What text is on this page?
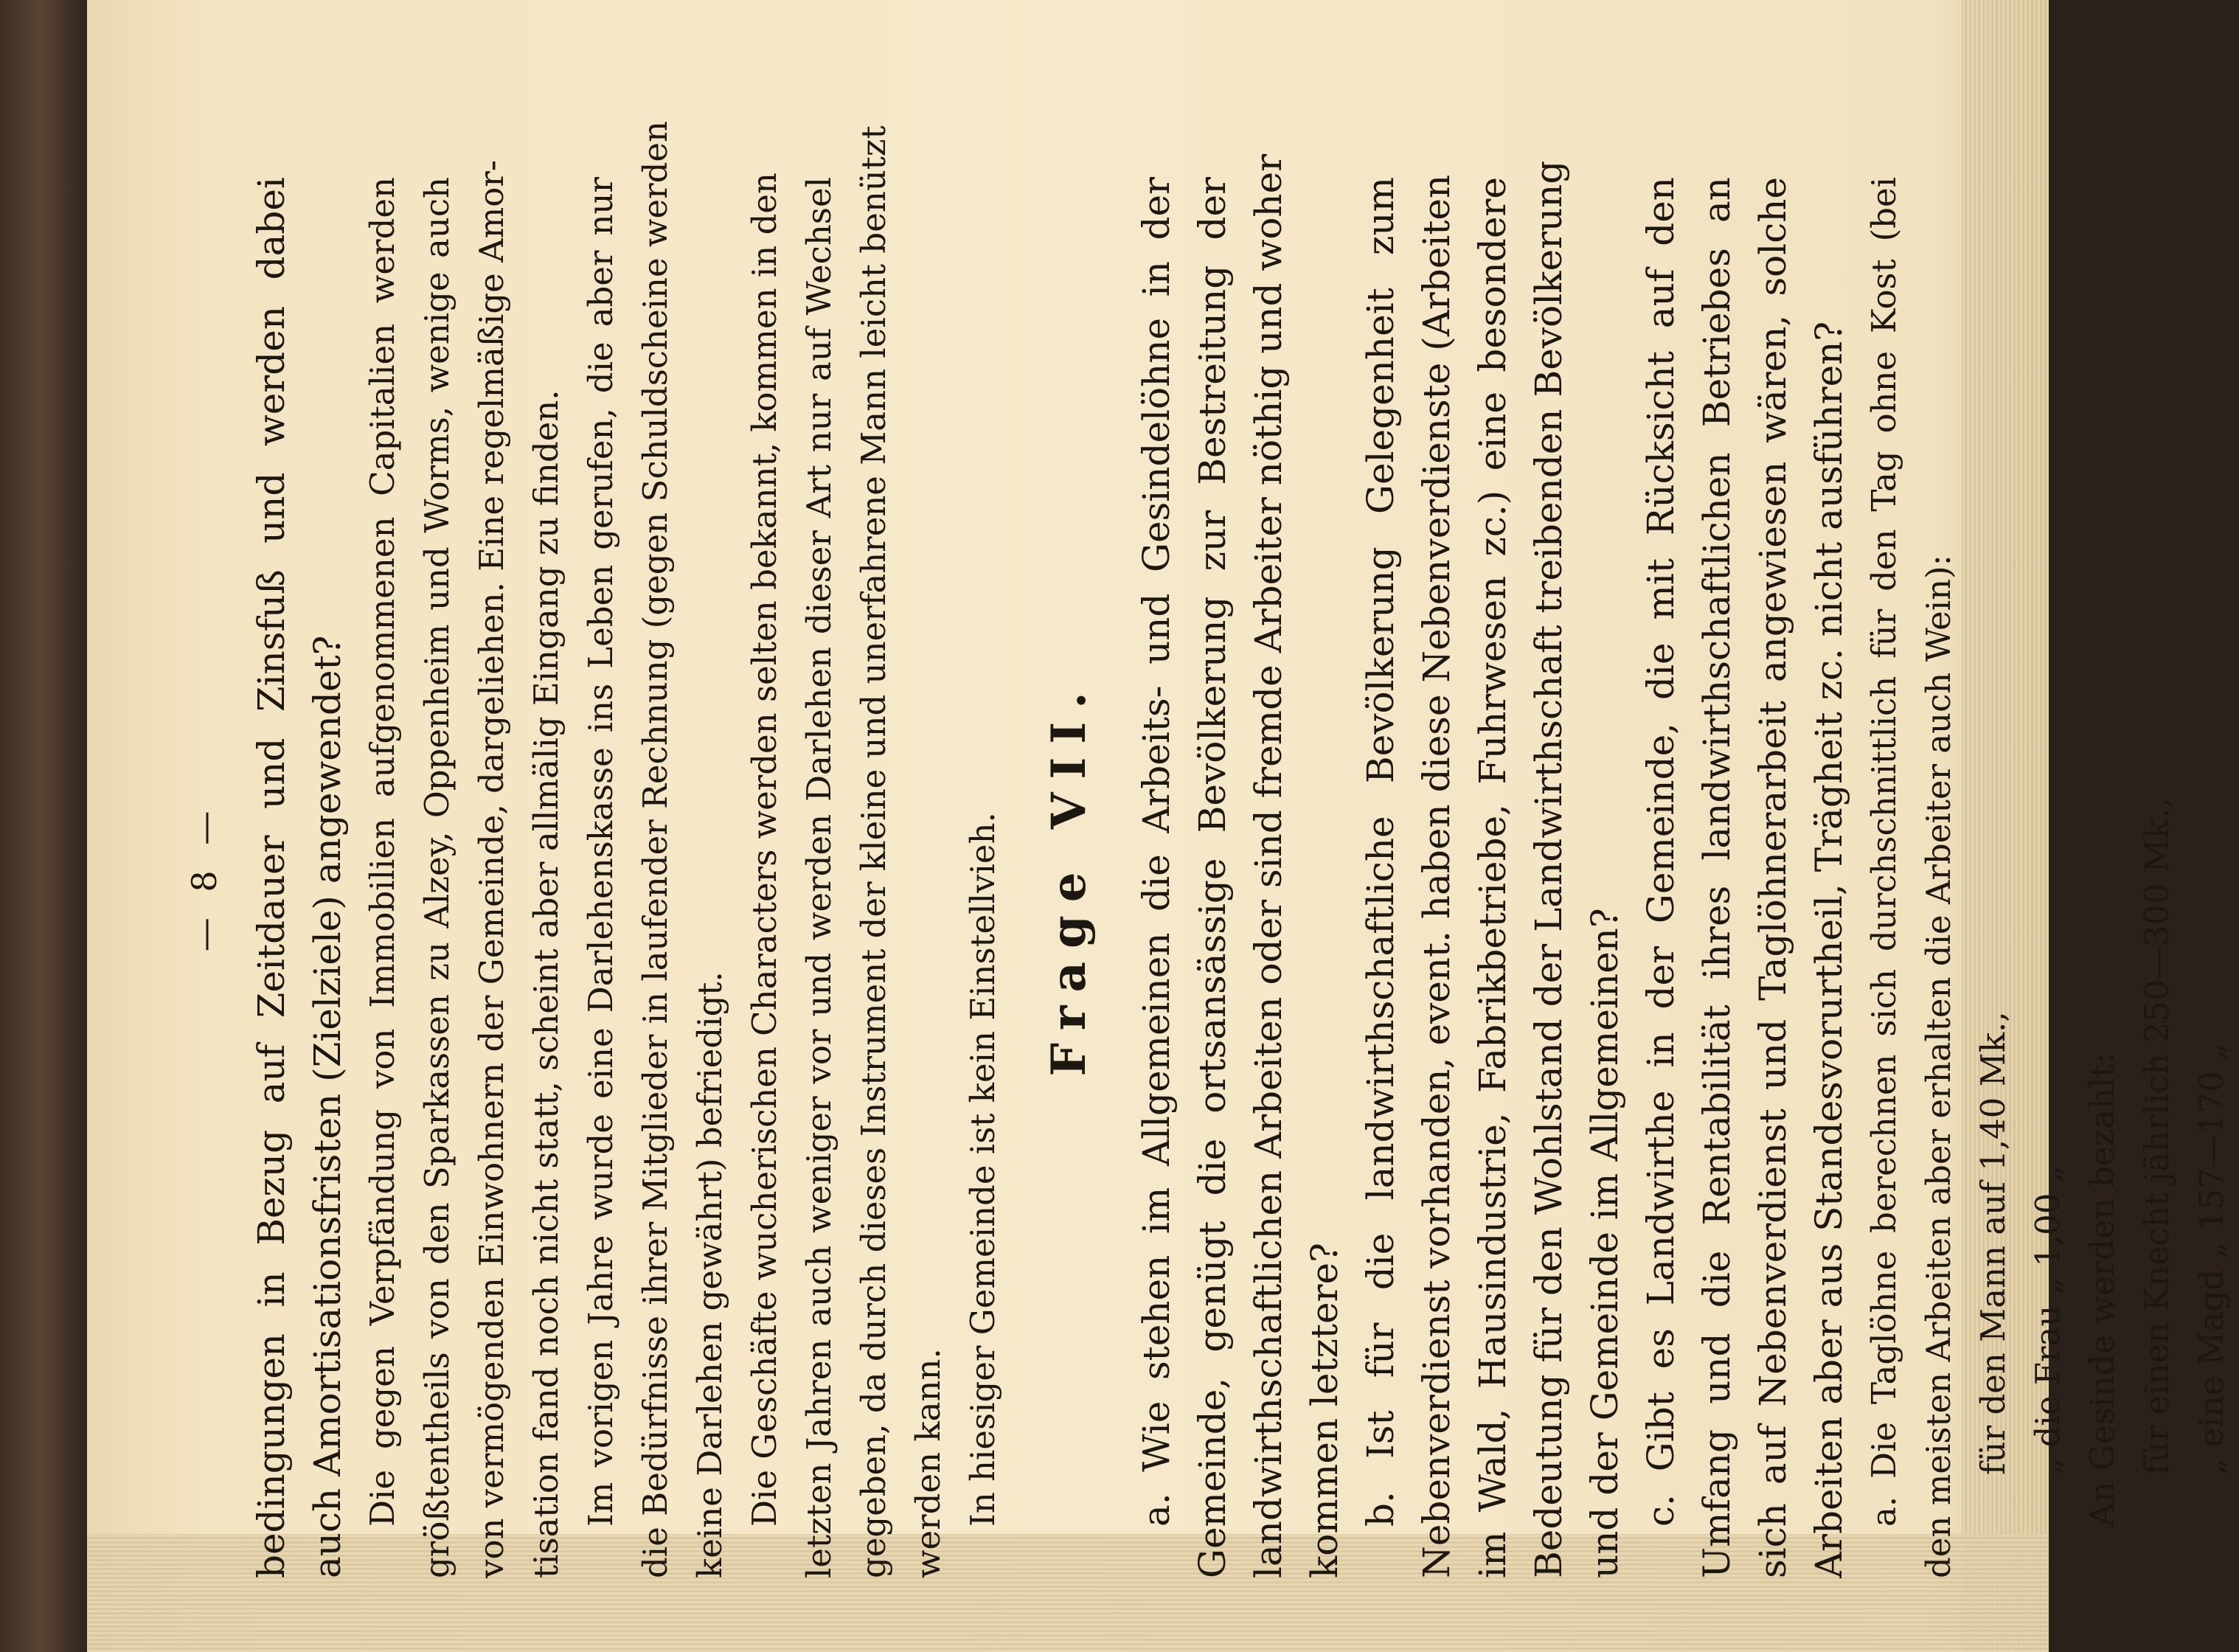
— 8 — bedingungen in Bezug auf Zeitdauer und Zinsfuß und werden dabei auch Amortisationsfristen (Zielziele) angewendet? Die gegen Verpfändung von Immobilien aufgenommenen Capitalien werden größtentheils von den Sparkassen zu Alzey, Oppenheim und Worms, wenige auch von vermögenden Einwohnern der Gemeinde, dargeliehen. Eine regelmäßige Amor- tisation fand noch nicht statt, scheint aber allmälig Eingang zu finden. Im vorigen Jahre wurde eine Darlehenskasse ins Leben gerufen, die aber nur die Bedürfnisse ihrer Mitglieder in laufender Rechnung (gegen Schuldscheine werden keine Darlehen gewährt) befriedigt. Die Geschäfte wucherischen Characters werden selten bekannt, kommen in den letzten Jahren auch weniger vor und werden Darlehen dieser Art nur auf Wechsel gegeben, da durch dieses Instrument der kleine und unerfahrene Mann leicht benützt werden kann. In hiesiger Gemeinde ist kein Einstellvieh. Frage VII.	a. Wie stehen im Allgemeinen die Arbeits- und Gesindelöhne in der Gemeinde, genügt die ortsansässige Bevölkerung zur Bestreitung der landwirthschaftlichen Arbeiten oder sind fremde Arbeiter nöthig und woher kommen letztere? b. Ist für die landwirthschaftliche Bevölkerung Gelegenheit zum Nebenverdienst vorhanden, event. haben diese Nebenverdienste (Arbeiten im Wald, Hausindustrie, Fabrikbetriebe, Fuhrwesen zc.) eine besondere Bedeutung für den Wohlstand der Landwirthschaft treibenden Bevölkerung und der Gemeinde im Allgemeinen? c. Gibt es Landwirthe in der Gemeinde, die mit Rücksicht auf den Umfang und die Rentabilität ihres landwirthschaftlichen Betriebes an sich auf Nebenverdienst und Taglöhnerarbeit angewiesen wären, solche Arbeiten aber aus Standesvorurtheil, Trägheit zc. nicht ausführen? a. Die Taglöhne berechnen sich durchschnittlich für den Tag ohne Kost (bei den meisten Arbeiten aber erhalten die Arbeiter auch Wein): für den Mann auf 1,40 Mk., „ die Frau „ 1,00 „ An Gesinde werden bezahlt: für einen Knecht jährlich 250—300 Mk., „ eine Magd „ 157—170 „
